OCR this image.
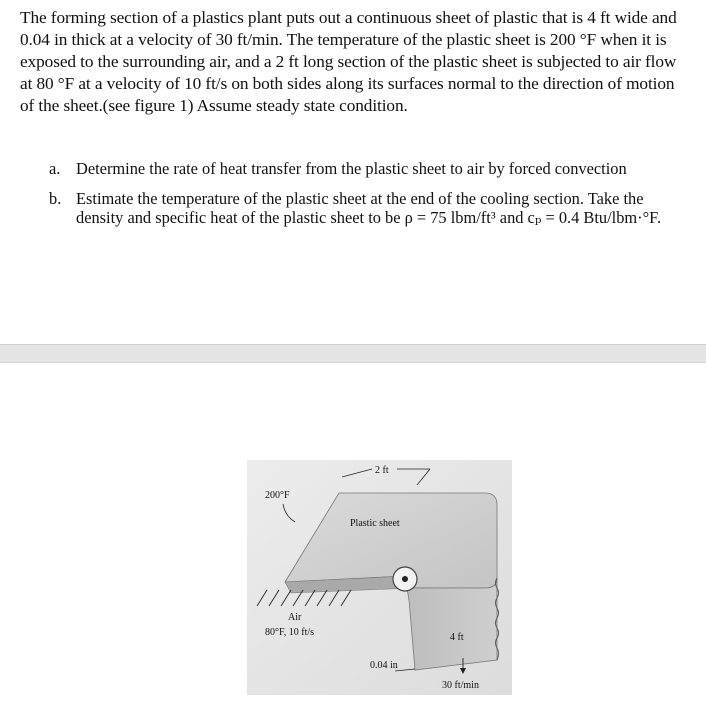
The forming section of a plastics plant puts out a continuous sheet of plastic that is 4 ft wide and 0.04 in thick at a velocity of 30 ft/min. The temperature of the plastic sheet is 200 °F when it is exposed to the surrounding air, and a 2 ft long section of the plastic sheet is subjected to air flow at 80 °F at a velocity of 10 ft/s on both sides along its surfaces normal to the direction of motion of the sheet.(see figure 1) Assume steady state condition.
a. Determine the rate of heat transfer from the plastic sheet to air by forced convection
b. Estimate the temperature of the plastic sheet at the end of the cooling section. Take the density and specific heat of the plastic sheet to be ρ = 75 lbm/ft³ and cₚ = 0.4 Btu/lbm·°F.
2 ft
200°F
Plastic sheet
Air
80°F, 10 ft/s	4 ft
0.04 in
30 ft/min
